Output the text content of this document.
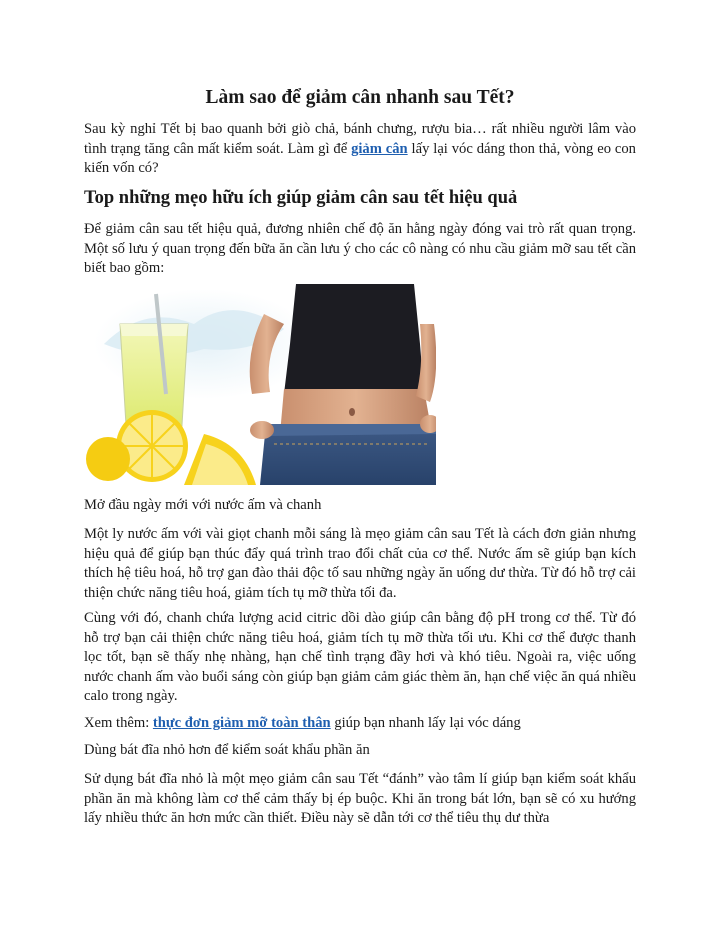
Làm sao để giảm cân nhanh sau Tết?

Sau kỳ nghỉ Tết bị bao quanh bởi giò chả, bánh chưng, rượu bia… rất nhiều người lâm vào tình trạng tăng cân mất kiểm soát. Làm gì để giảm cân lấy lại vóc dáng thon thả, vòng eo con kiến vốn có?

Top những mẹo hữu ích giúp giảm cân sau tết hiệu quả

Để giảm cân sau tết hiệu quả, đương nhiên chế độ ăn hằng ngày đóng vai trò rất quan trọng. Một số lưu ý quan trọng đến bữa ăn cần lưu ý cho các cô nàng có nhu cầu giảm mỡ sau tết cần biết bao gồm:

Mở đầu ngày mới với nước ấm và chanh

Một ly nước ấm với vài giọt chanh mỗi sáng là mẹo giảm cân sau Tết là cách đơn giản nhưng hiệu quả để giúp bạn thúc đẩy quá trình trao đổi chất của cơ thể. Nước ấm sẽ giúp bạn kích thích hệ tiêu hoá, hỗ trợ gan đào thải độc tố sau những ngày ăn uống dư thừa. Từ đó hỗ trợ cải thiện chức năng tiêu hoá, giảm tích tụ mỡ thừa tối đa.

Cùng với đó, chanh chứa lượng acid citric dồi dào giúp cân bằng độ pH trong cơ thể. Từ đó hỗ trợ bạn cải thiện chức năng tiêu hoá, giảm tích tụ mỡ thừa tối ưu. Khi cơ thể được thanh lọc tốt, bạn sẽ thấy nhẹ nhàng, hạn chế tình trạng đầy hơi và khó tiêu. Ngoài ra, việc uống nước chanh ấm vào buổi sáng còn giúp bạn giảm cảm giác thèm ăn, hạn chế việc ăn quá nhiều calo trong ngày.

Xem thêm: thực đơn giảm mỡ toàn thân giúp bạn nhanh lấy lại vóc dáng

Dùng bát đĩa nhỏ hơn để kiểm soát khẩu phần ăn

Sử dụng bát đĩa nhỏ là một mẹo giảm cân sau Tết “đánh” vào tâm lí giúp bạn kiểm soát khẩu phần ăn mà không làm cơ thể cảm thấy bị ép buộc. Khi ăn trong bát lớn, bạn sẽ có xu hướng lấy nhiều thức ăn hơn mức cần thiết. Điều này sẽ dẫn tới cơ thể tiêu thụ dư thừa
